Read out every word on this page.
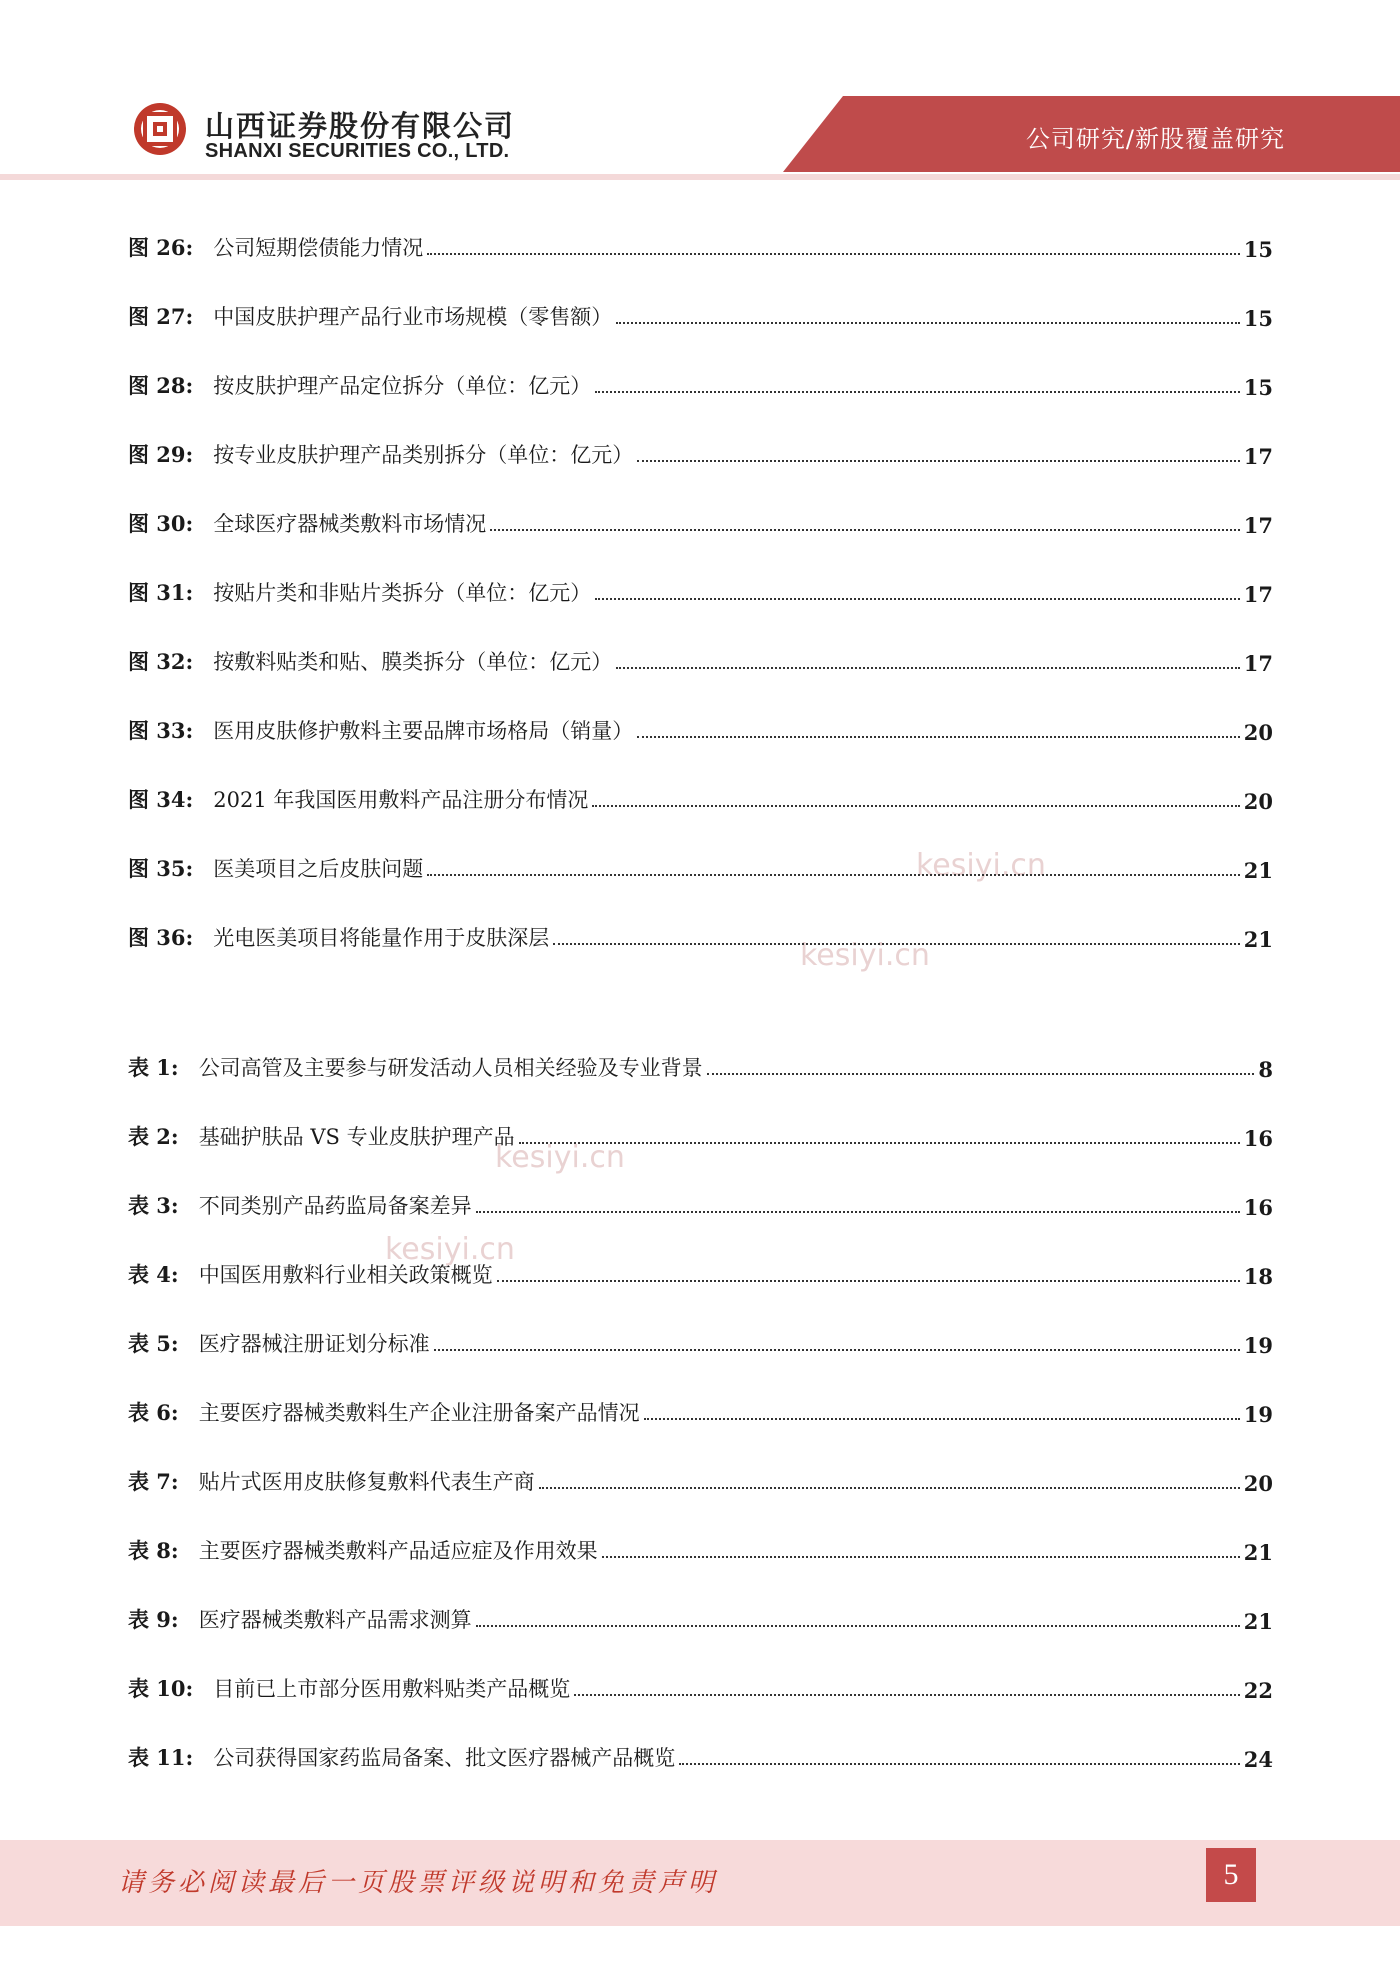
山西证券股份有限公司
SHANXI SECURITIES CO., LTD.	公司研究/新股覆盖研究
kesiyi.cn
kesiyi.cn
kesiyi.cn
kesiyi.cn
图 26: 公司短期偿债能力情况	15
图 27: 中国皮肤护理产品行业市场规模（零售额）	15
图 28: 按皮肤护理产品定位拆分（单位：亿元）	15
图 29: 按专业皮肤护理产品类别拆分（单位：亿元）	17
图 30: 全球医疗器械类敷料市场情况	17
图 31: 按贴片类和非贴片类拆分（单位：亿元）	17
图 32: 按敷料贴类和贴、膜类拆分（单位：亿元）	17
图 33: 医用皮肤修护敷料主要品牌市场格局（销量）	20
图 34: 2021 年我国医用敷料产品注册分布情况	20
图 35: 医美项目之后皮肤问题	21
图 36: 光电医美项目将能量作用于皮肤深层	21
表 1: 公司高管及主要参与研发活动人员相关经验及专业背景	8
表 2: 基础护肤品 VS 专业皮肤护理产品	16
表 3: 不同类别产品药监局备案差异	16
表 4: 中国医用敷料行业相关政策概览	18
表 5: 医疗器械注册证划分标准	19
表 6: 主要医疗器械类敷料生产企业注册备案产品情况	19
表 7: 贴片式医用皮肤修复敷料代表生产商	20
表 8: 主要医疗器械类敷料产品适应症及作用效果	21
表 9: 医疗器械类敷料产品需求测算	21
表 10: 目前已上市部分医用敷料贴类产品概览	22
表 11: 公司获得国家药监局备案、批文医疗器械产品概览	24
请务必阅读最后一页股票评级说明和免责声明	5
